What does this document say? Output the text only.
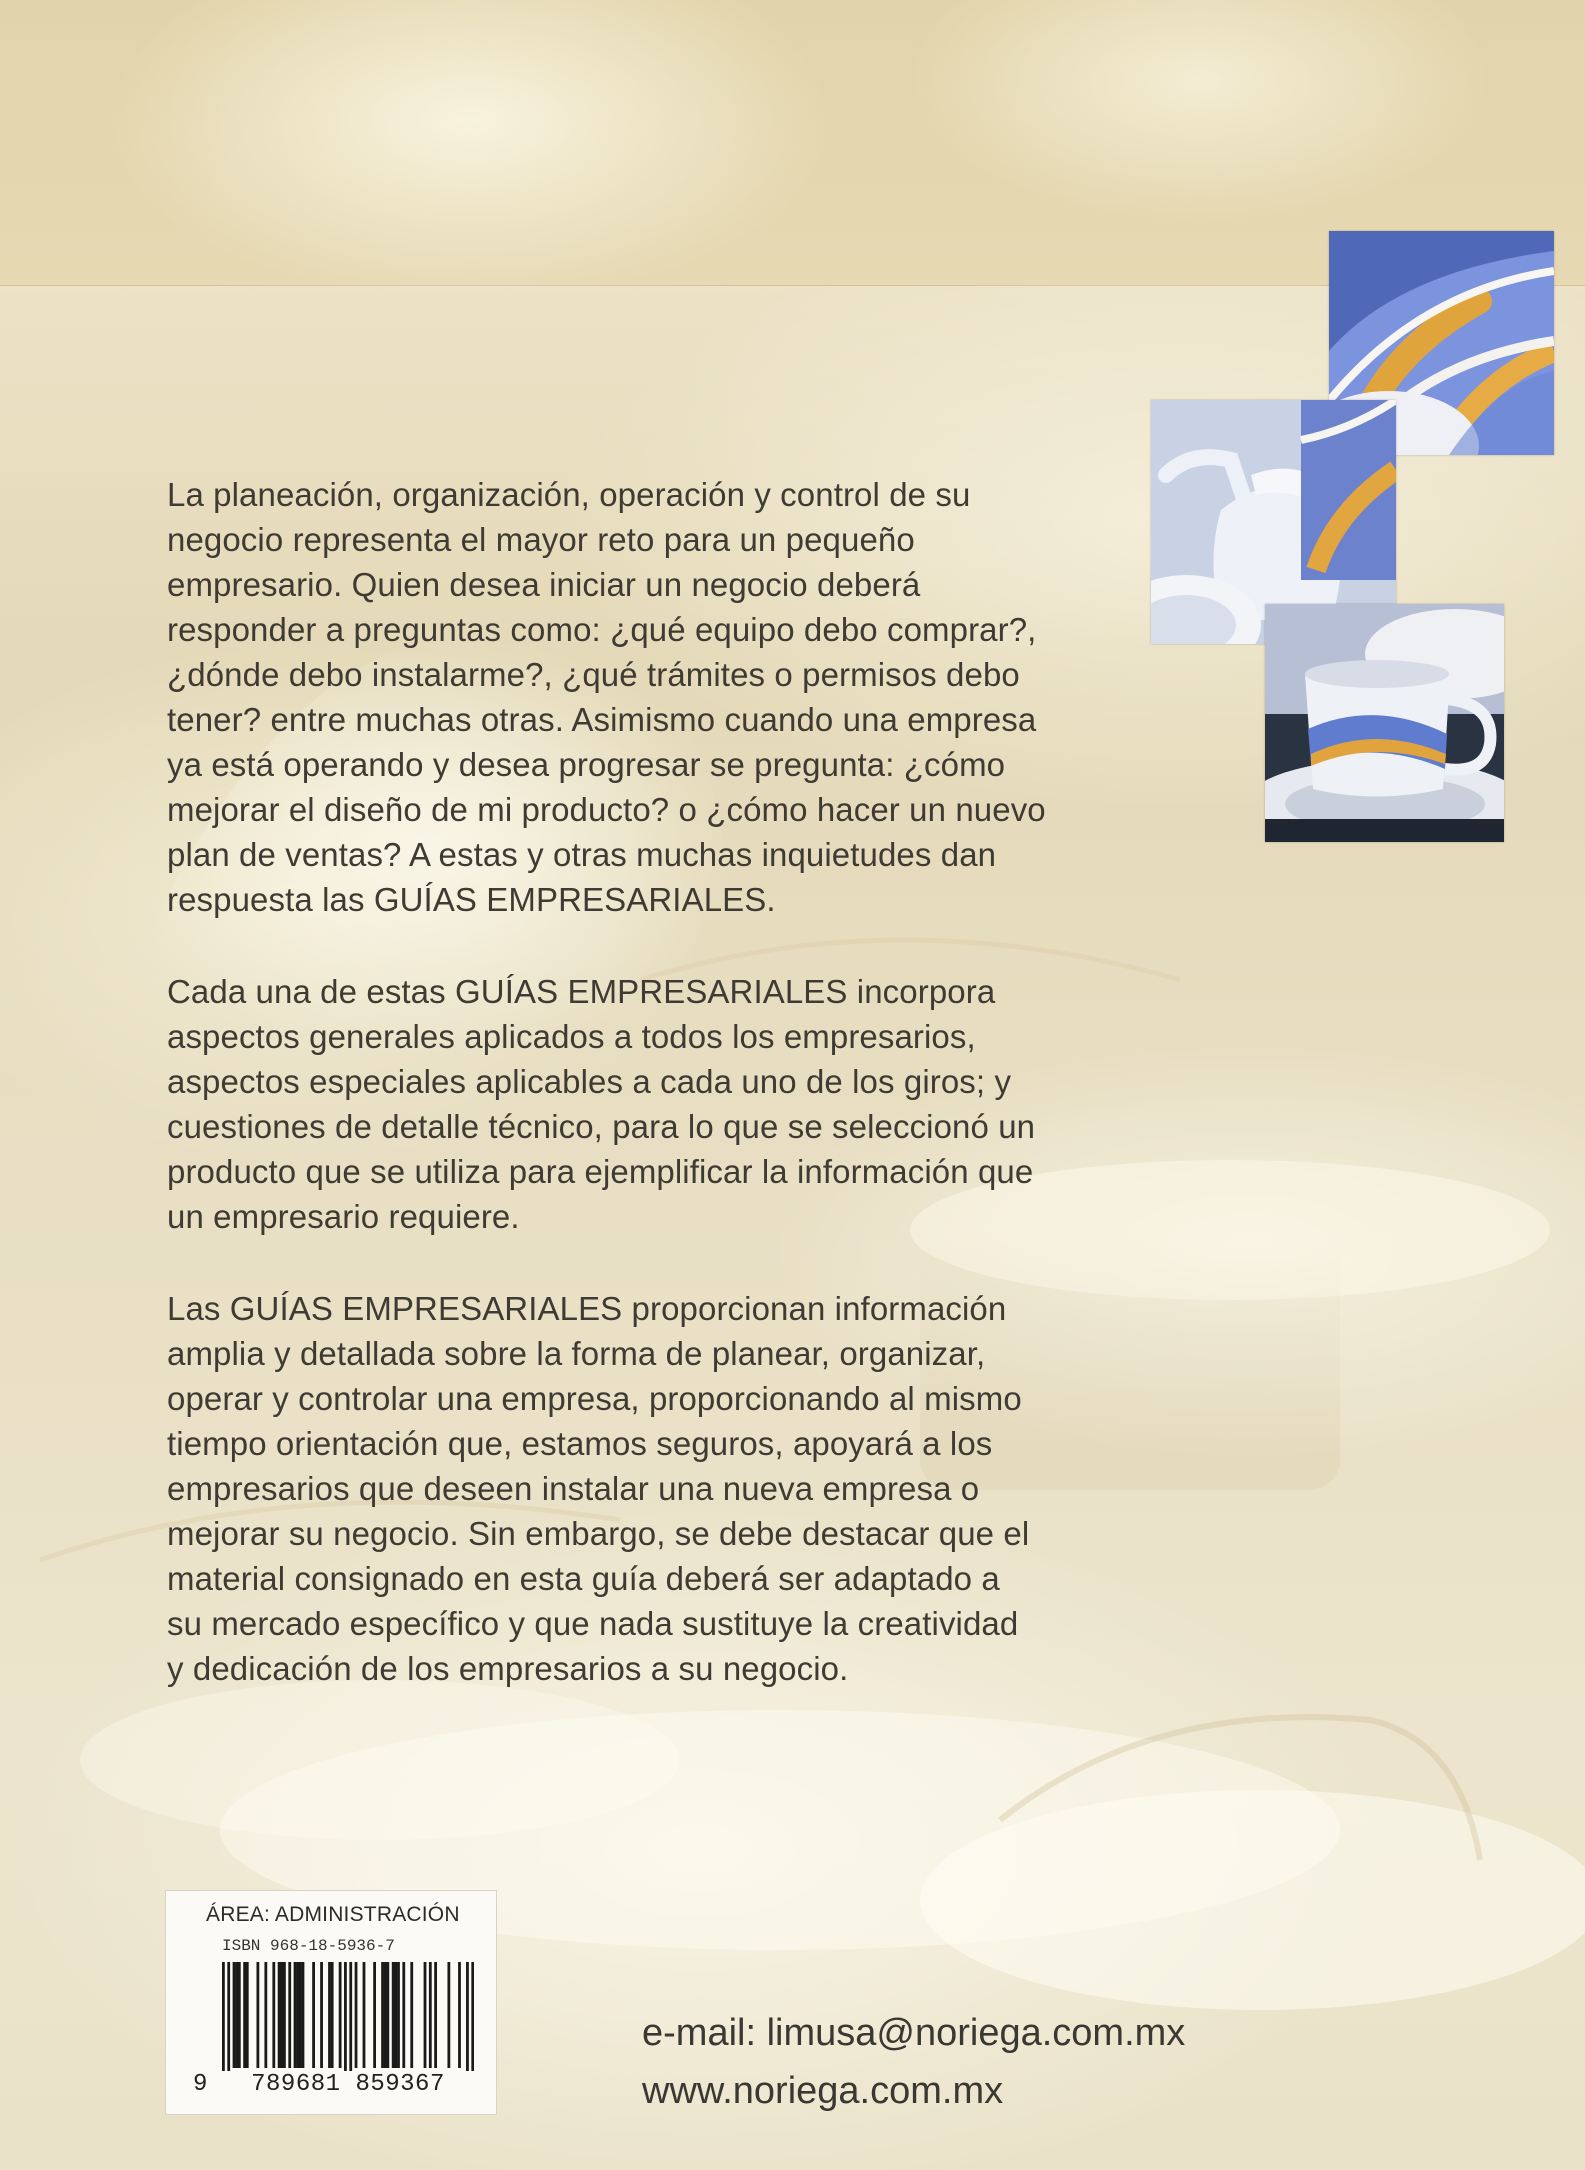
La planeación, organización, operación y control de su
negocio representa el mayor reto para un pequeño
empresario. Quien desea iniciar un negocio deberá
responder a preguntas como: ¿qué equipo debo comprar?,
¿dónde debo instalarme?, ¿qué trámites o permisos debo
tener? entre muchas otras. Asimismo cuando una empresa
ya está operando y desea progresar se pregunta: ¿cómo
mejorar el diseño de mi producto? o ¿cómo hacer un nuevo
plan de ventas? A estas y otras muchas inquietudes dan
respuesta las GUÍAS EMPRESARIALES.

Cada una de estas GUÍAS EMPRESARIALES incorpora
aspectos generales aplicados a todos los empresarios,
aspectos especiales aplicables a cada uno de los giros; y
cuestiones de detalle técnico, para lo que se seleccionó un
producto que se utiliza para ejemplificar la información que
un empresario requiere.

Las GUÍAS EMPRESARIALES proporcionan información
amplia y detallada sobre la forma de planear, organizar,
operar y controlar una empresa, proporcionando al mismo
tiempo orientación que, estamos seguros, apoyará a los
empresarios que deseen instalar una nueva empresa o
mejorar su negocio. Sin embargo, se debe destacar que el
material consignado en esta guía deberá ser adaptado a
su mercado específico y que nada sustituye la creatividad
y dedicación de los empresarios a su negocio.

ÁREA: ADMINISTRACIÓN
ISBN 968-18-5936-7
9	789681 859367
e-mail: limusa@noriega.com.mx
www.noriega.com.mx
